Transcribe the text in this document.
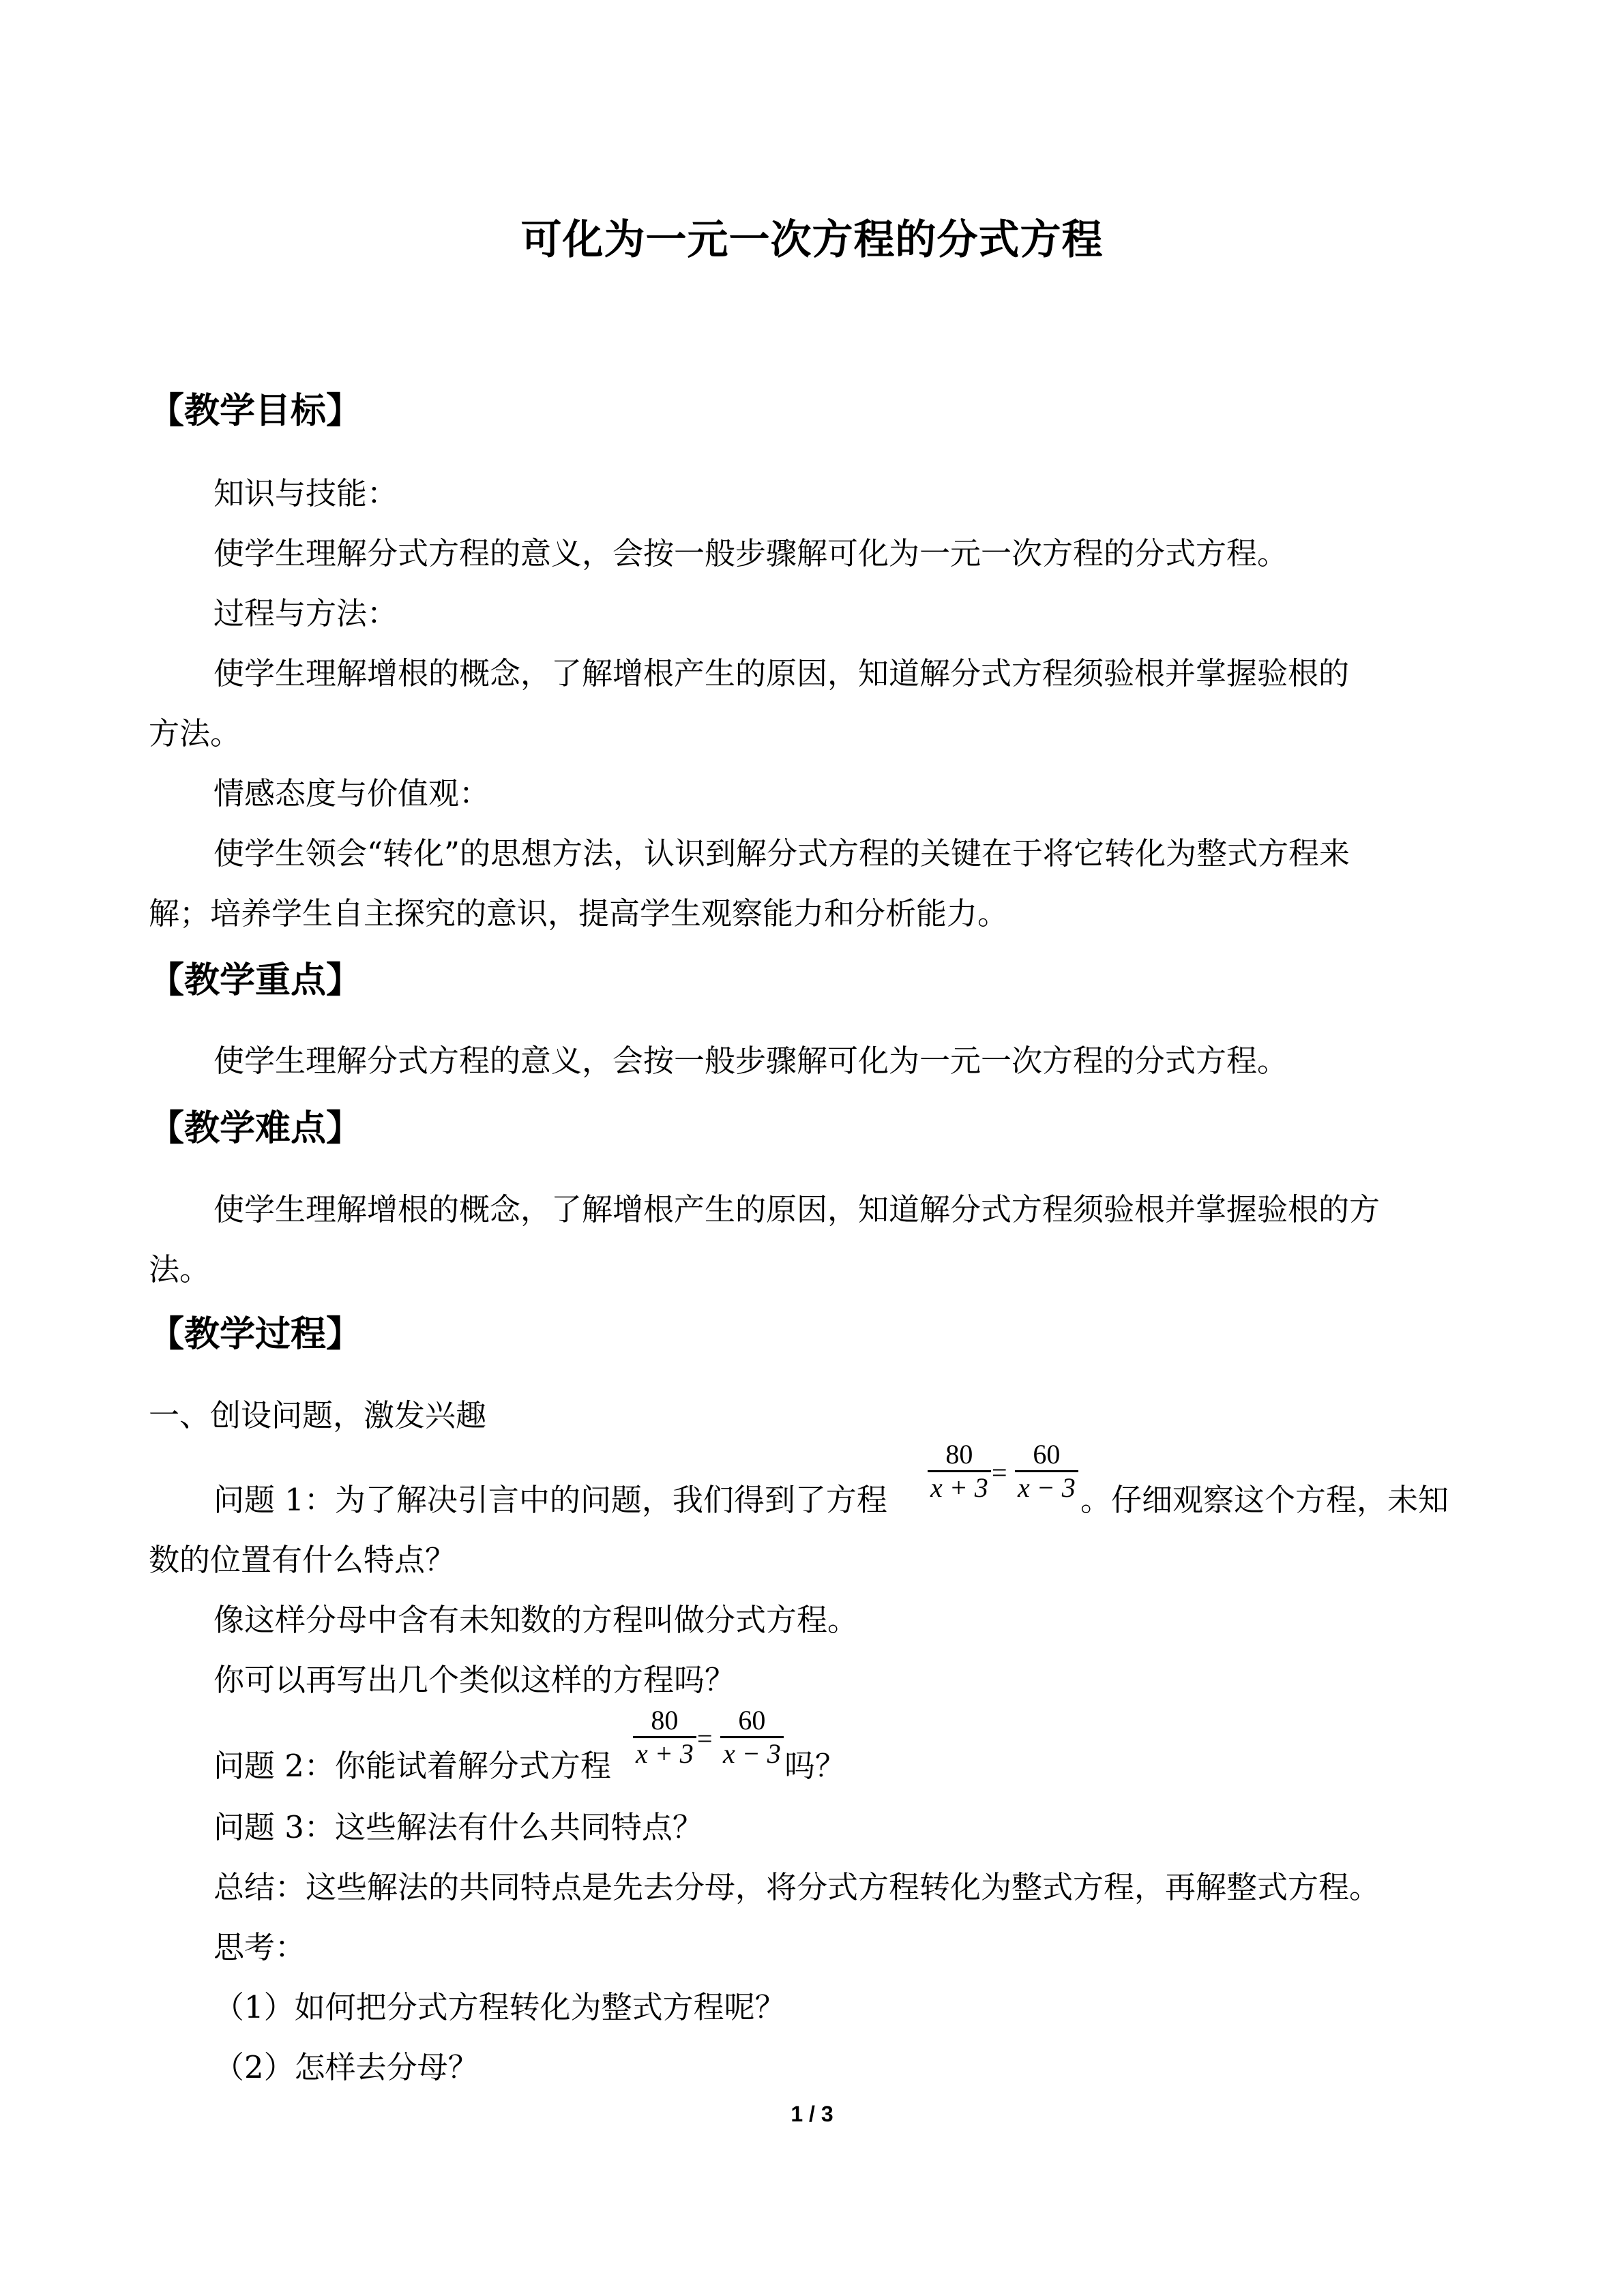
可化为一元一次方程的分式方程
【教学目标】
知识与技能：
使学生理解分式方程的意义，会按一般步骤解可化为一元一次方程的分式方程。
过程与方法：
使学生理解增根的概念，了解增根产生的原因，知道解分式方程须验根并掌握验根的
方法。
情感态度与价值观：
使学生领会“转化”的思想方法，认识到解分式方程的关键在于将它转化为整式方程来
解；培养学生自主探究的意识，提高学生观察能力和分析能力。
【教学重点】
使学生理解分式方程的意义，会按一般步骤解可化为一元一次方程的分式方程。
【教学难点】
使学生理解增根的概念，了解增根产生的原因，知道解分式方程须验根并掌握验根的方
法。
【教学过程】
一、创设问题，激发兴趣
问题 1：为了解决引言中的问题，我们得到了方程
80
x + 3 =
60
x − 3 。仔细观察这个方程，未知
数的位置有什么特点？
像这样分母中含有未知数的方程叫做分式方程。
你可以再写出几个类似这样的方程吗？
问题 2：你能试着解分式方程
80
x + 3 =
60
x − 3 吗？
问题 3：这些解法有什么共同特点？
总结：这些解法的共同特点是先去分母，将分式方程转化为整式方程，再解整式方程。
思考：
（1）如何把分式方程转化为整式方程呢？
（2）怎样去分母？
1 / 3
